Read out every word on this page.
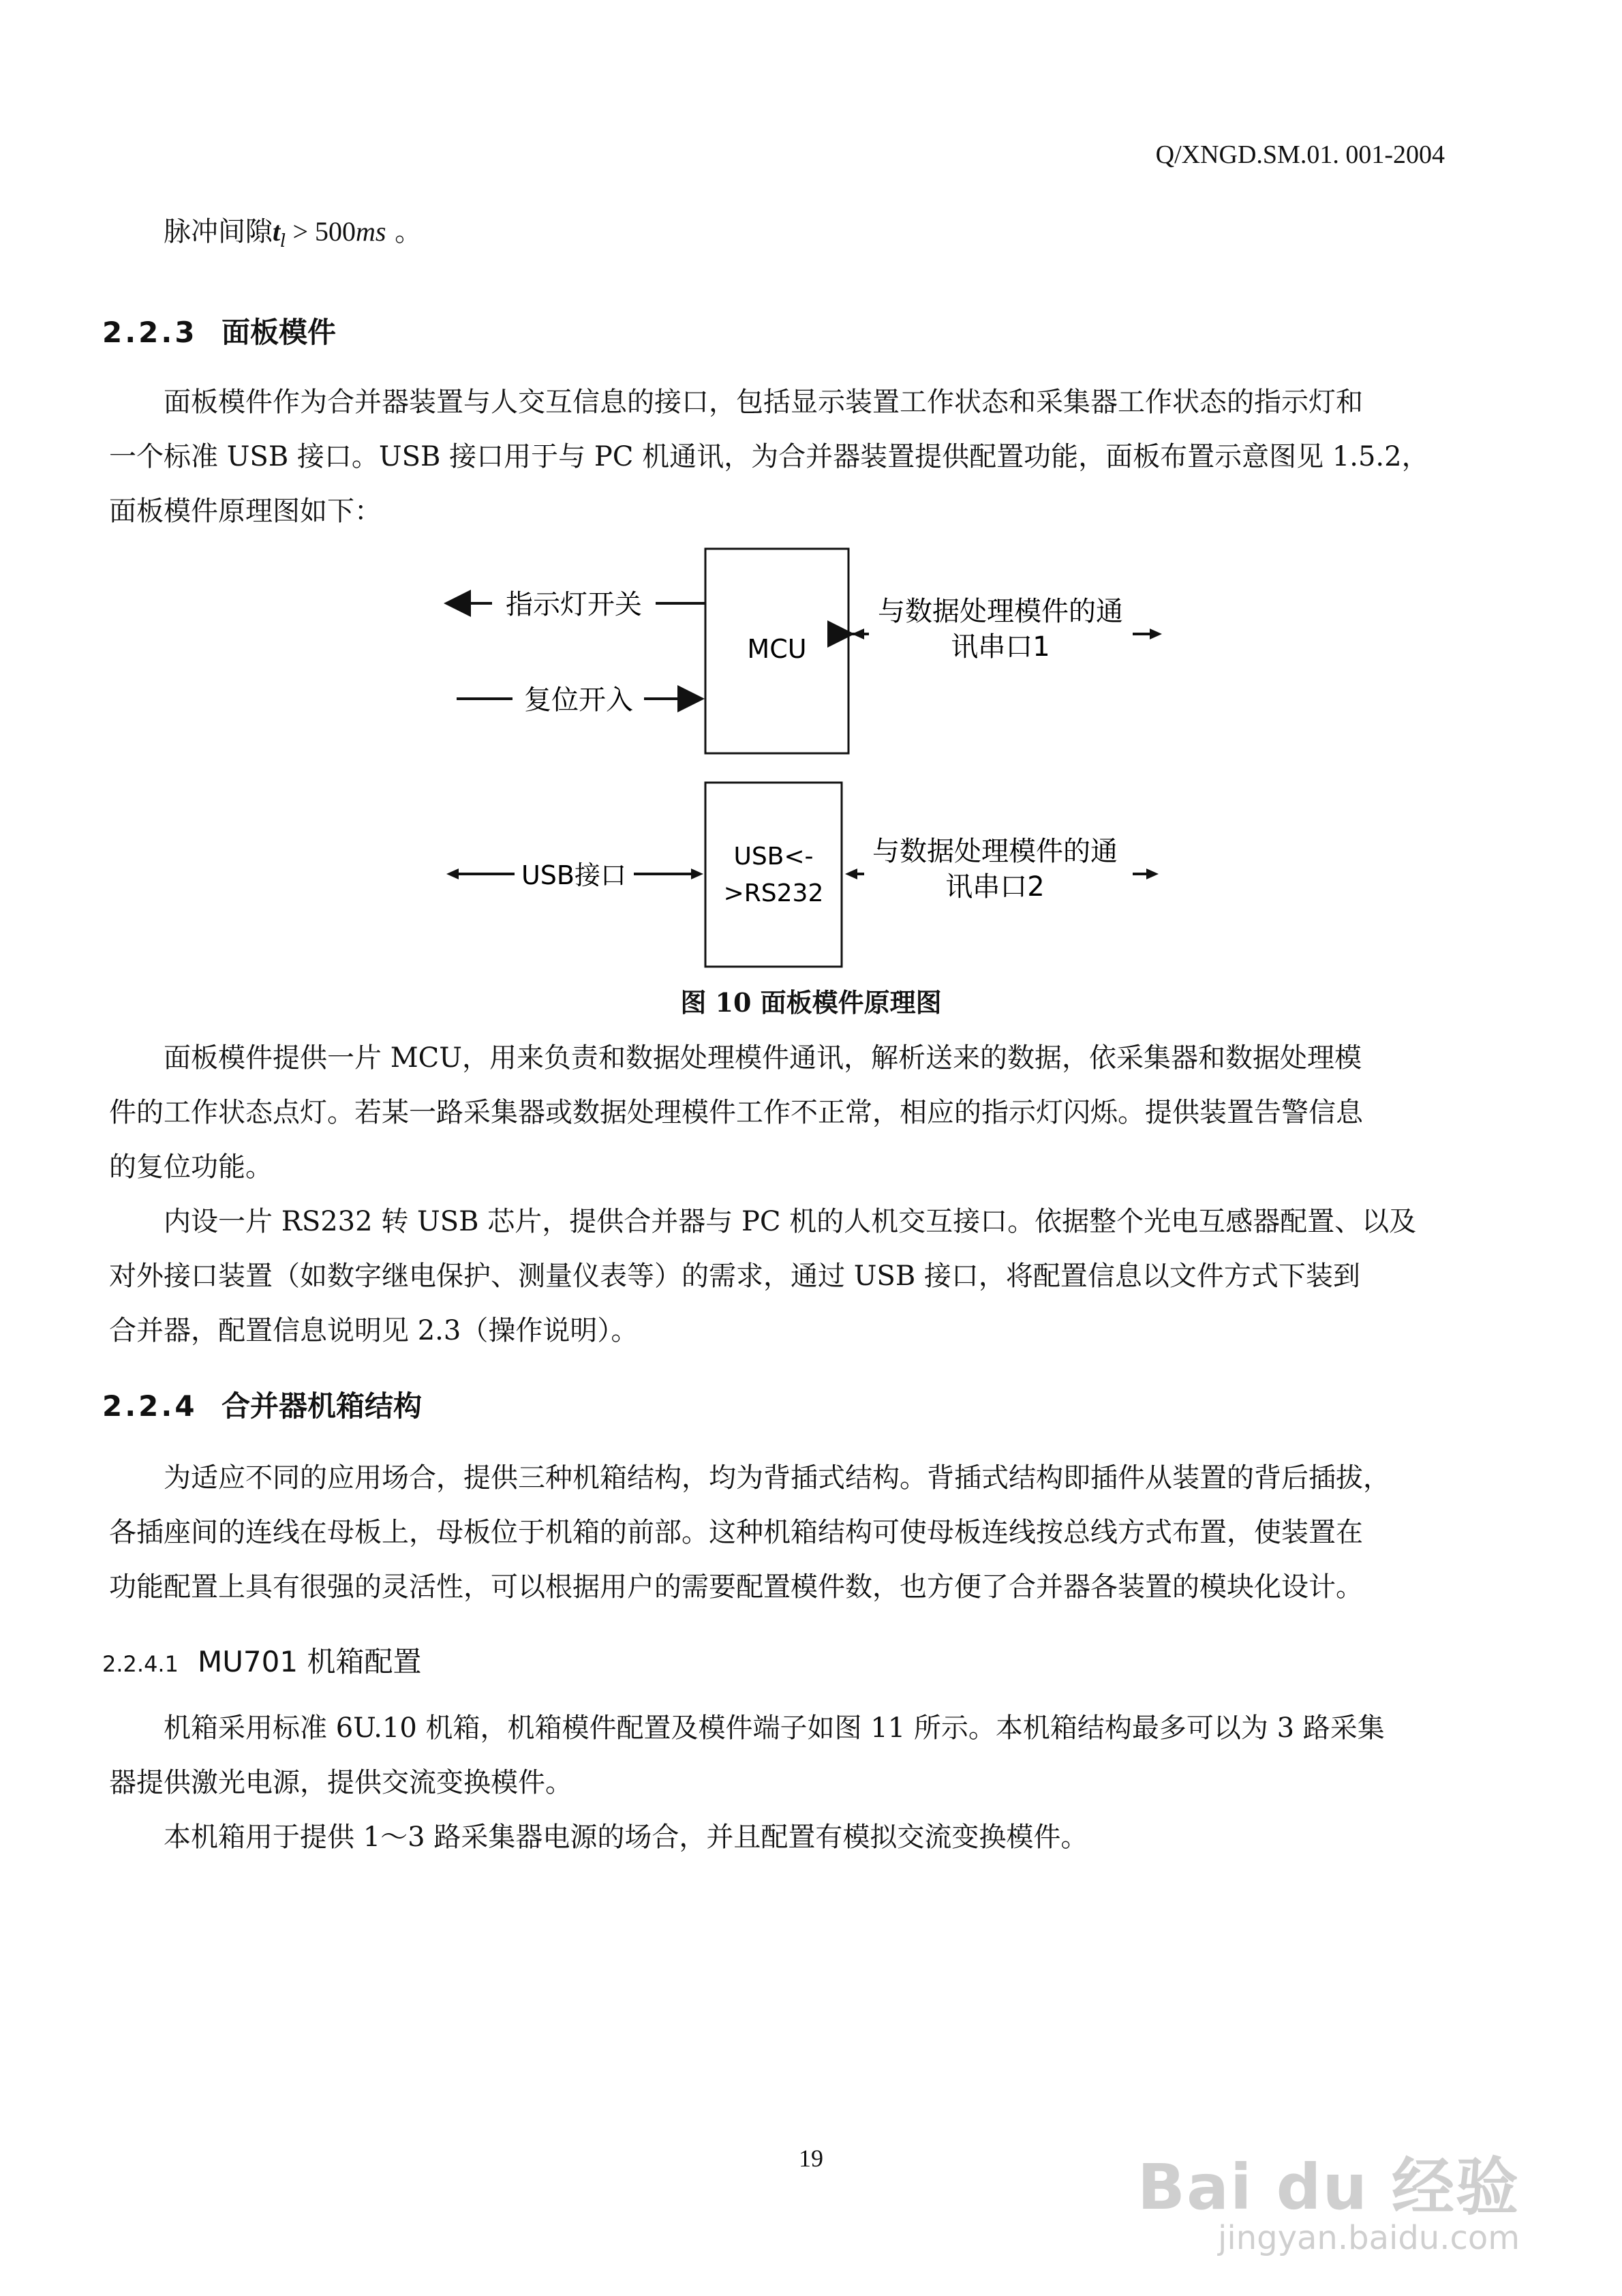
Q/XNGD.SM.01. 001-2004
脉冲间隙$t_l > 500ms$ 。
2.2.3 面板模件
面板模件作为合并器装置与人交互信息的接口，包括显示装置工作状态和采集器工作状态的指示灯和
一个标准 USB 接口。USB 接口用于与 PC 机通讯，为合并器装置提供配置功能，面板布置示意图见 1.5.2，
面板模件原理图如下：
MCU
指示灯开关
复位开入
与数据处理模件的通
讯串口1
USB<-
>RS232
USB接口
与数据处理模件的通
讯串口2
图 10 面板模件原理图
面板模件提供一片 MCU，用来负责和数据处理模件通讯，解析送来的数据，依采集器和数据处理模
件的工作状态点灯。若某一路采集器或数据处理模件工作不正常，相应的指示灯闪烁。提供装置告警信息
的复位功能。
内设一片 RS232 转 USB 芯片，提供合并器与 PC 机的人机交互接口。依据整个光电互感器配置、以及
对外接口装置（如数字继电保护、测量仪表等）的需求，通过 USB 接口，将配置信息以文件方式下装到
合并器，配置信息说明见 2.3（操作说明）。
2.2.4 合并器机箱结构
为适应不同的应用场合，提供三种机箱结构，均为背插式结构。背插式结构即插件从装置的背后插拔，
各插座间的连线在母板上，母板位于机箱的前部。这种机箱结构可使母板连线按总线方式布置，使装置在
功能配置上具有很强的灵活性，可以根据用户的需要配置模件数，也方便了合并器各装置的模块化设计。
2.2.4.1 MU701 机箱配置
机箱采用标准 6U.10 机箱，机箱模件配置及模件端子如图 11 所示。本机箱结构最多可以为 3 路采集
器提供激光电源，提供交流变换模件。
本机箱用于提供 1～3 路采集器电源的场合，并且配置有模拟交流变换模件。
19	Bai du 经验
jingyan.baidu.com
